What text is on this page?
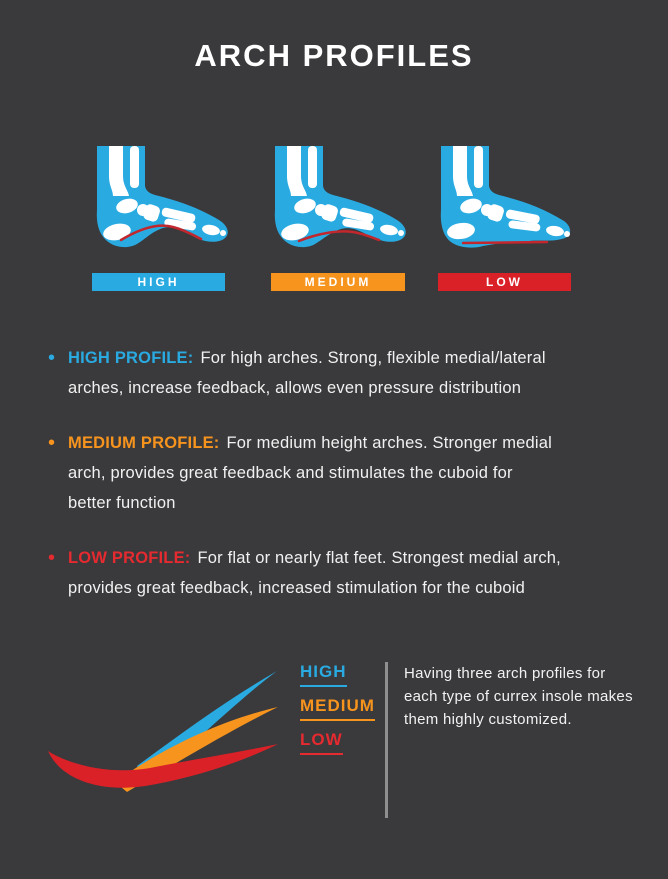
ARCH PROFILES
HIGH	MEDIUM	LOW
• HIGH PROFILE: For high arches. Strong, flexible medial/lateral
arches, increase feedback, allows even pressure distribution
• MEDIUM PROFILE: For medium height arches. Stronger medial
arch, provides great feedback and stimulates the cuboid for
better function
• LOW PROFILE: For flat or nearly flat feet. Strongest medial arch,
provides great feedback, increased stimulation for the cuboid
HIGH
MEDIUM
LOW
Having three arch profiles for
each type of currex insole makes
them highly customized.
